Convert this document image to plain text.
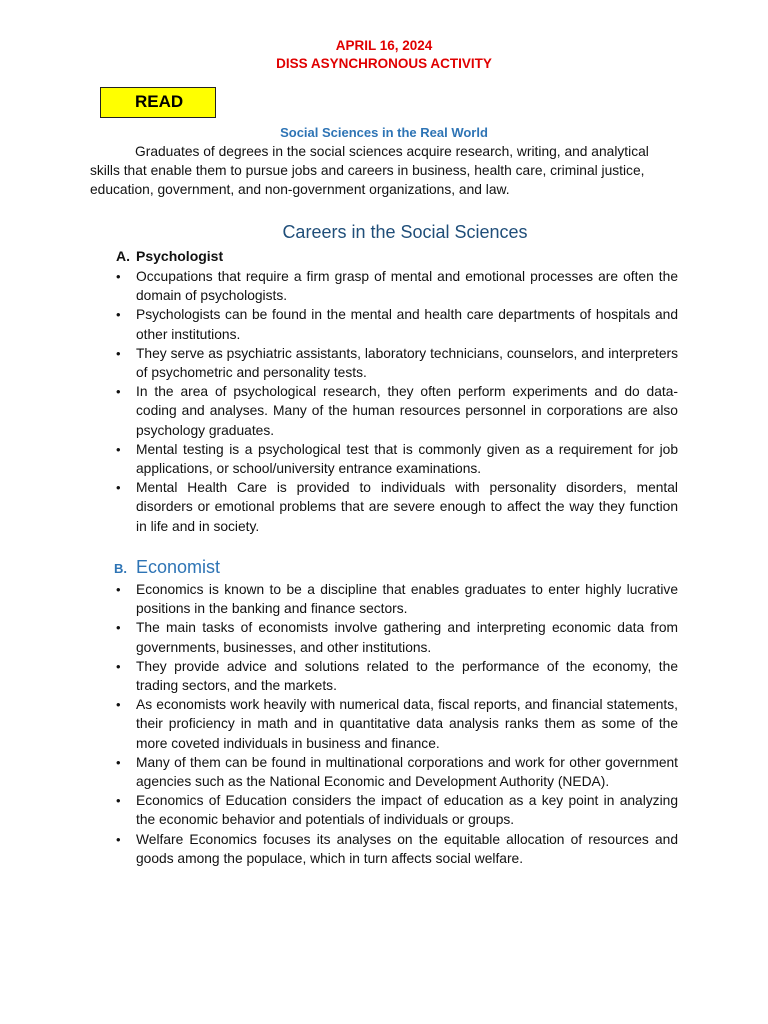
APRIL 16, 2024
DISS ASYNCHRONOUS ACTIVITY
READ
Social Sciences in the Real World

Graduates of degrees in the social sciences acquire research, writing, and analytical skills that enable them to pursue jobs and careers in business, health care, criminal justice, education, government, and non-government organizations, and law.

Careers in the Social Sciences
A. Psychologist
• Occupations that require a firm grasp of mental and emotional processes are often the domain of psychologists.
• Psychologists can be found in the mental and health care departments of hospitals and other institutions.
• They serve as psychiatric assistants, laboratory technicians, counselors, and interpreters of psychometric and personality tests.
• In the area of psychological research, they often perform experiments and do data-coding and analyses. Many of the human resources personnel in corporations are also psychology graduates.
• Mental testing is a psychological test that is commonly given as a requirement for job applications, or school/university entrance examinations.
• Mental Health Care is provided to individuals with personality disorders, mental disorders or emotional problems that are severe enough to affect the way they function in life and in society.
B. Economist
• Economics is known to be a discipline that enables graduates to enter highly lucrative positions in the banking and finance sectors.
• The main tasks of economists involve gathering and interpreting economic data from governments, businesses, and other institutions.
• They provide advice and solutions related to the performance of the economy, the trading sectors, and the markets.
• As economists work heavily with numerical data, fiscal reports, and financial statements, their proficiency in math and in quantitative data analysis ranks them as some of the more coveted individuals in business and finance.
• Many of them can be found in multinational corporations and work for other government agencies such as the National Economic and Development Authority (NEDA).
• Economics of Education considers the impact of education as a key point in analyzing the economic behavior and potentials of individuals or groups.
• Welfare Economics focuses its analyses on the equitable allocation of resources and goods among the populace, which in turn affects social welfare.
